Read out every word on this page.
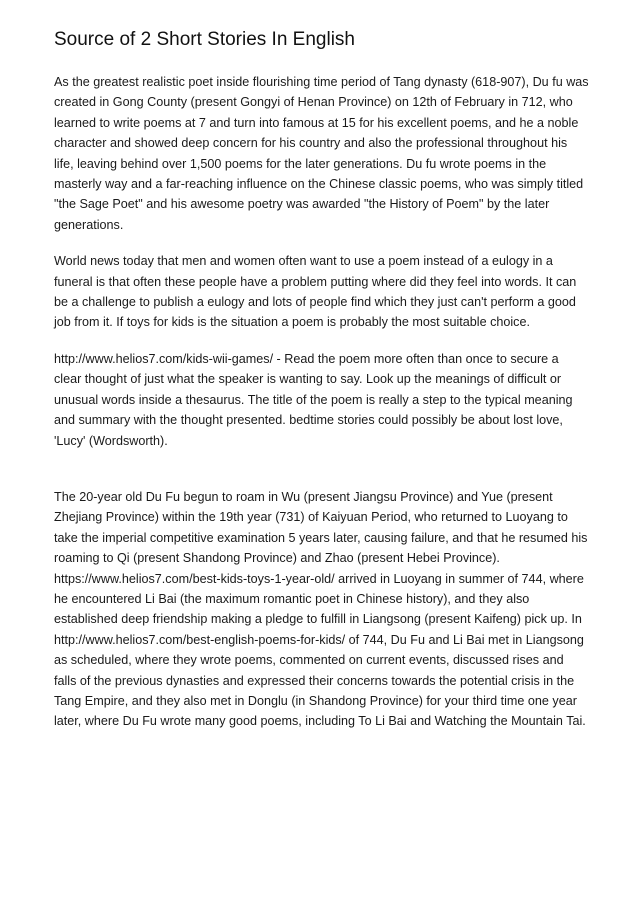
Source of 2 Short Stories In English

As the greatest realistic poet inside flourishing time period of Tang dynasty (618-907), Du fu was created in Gong County (present Gongyi of Henan Province) on 12th of February in 712, who learned to write poems at 7 and turn into famous at 15 for his excellent poems, and he a noble character and showed deep concern for his country and also the professional throughout his life, leaving behind over 1,500 poems for the later generations. Du fu wrote poems in the masterly way and a far-reaching influence on the Chinese classic poems, who was simply titled "the Sage Poet" and his awesome poetry was awarded "the History of Poem" by the later generations.

World news today that men and women often want to use a poem instead of a eulogy in a funeral is that often these people have a problem putting where did they feel into words. It can be a challenge to publish a eulogy and lots of people find which they just can't perform a good job from it. If toys for kids is the situation a poem is probably the most suitable choice.

http://www.helios7.com/kids-wii-games/ - Read the poem more often than once to secure a clear thought of just what the speaker is wanting to say. Look up the meanings of difficult or unusual words inside a thesaurus. The title of the poem is really a step to the typical meaning and summary with the thought presented. bedtime stories could possibly be about lost love, 'Lucy' (Wordsworth).

The 20-year old Du Fu begun to roam in Wu (present Jiangsu Province) and Yue (present Zhejiang Province) within the 19th year (731) of Kaiyuan Period, who returned to Luoyang to take the imperial competitive examination 5 years later, causing failure, and that he resumed his roaming to Qi (present Shandong Province) and Zhao (present Hebei Province). https://www.helios7.com/best-kids-toys-1-year-old/ arrived in Luoyang in summer of 744, where he encountered Li Bai (the maximum romantic poet in Chinese history), and they also established deep friendship making a pledge to fulfill in Liangsong (present Kaifeng) pick up. In http://www.helios7.com/best-english-poems-for-kids/ of 744, Du Fu and Li Bai met in Liangsong as scheduled, where they wrote poems, commented on current events, discussed rises and falls of the previous dynasties and expressed their concerns towards the potential crisis in the Tang Empire, and they also met in Donglu (in Shandong Province) for your third time one year later, where Du Fu wrote many good poems, including To Li Bai and Watching the Mountain Tai.
